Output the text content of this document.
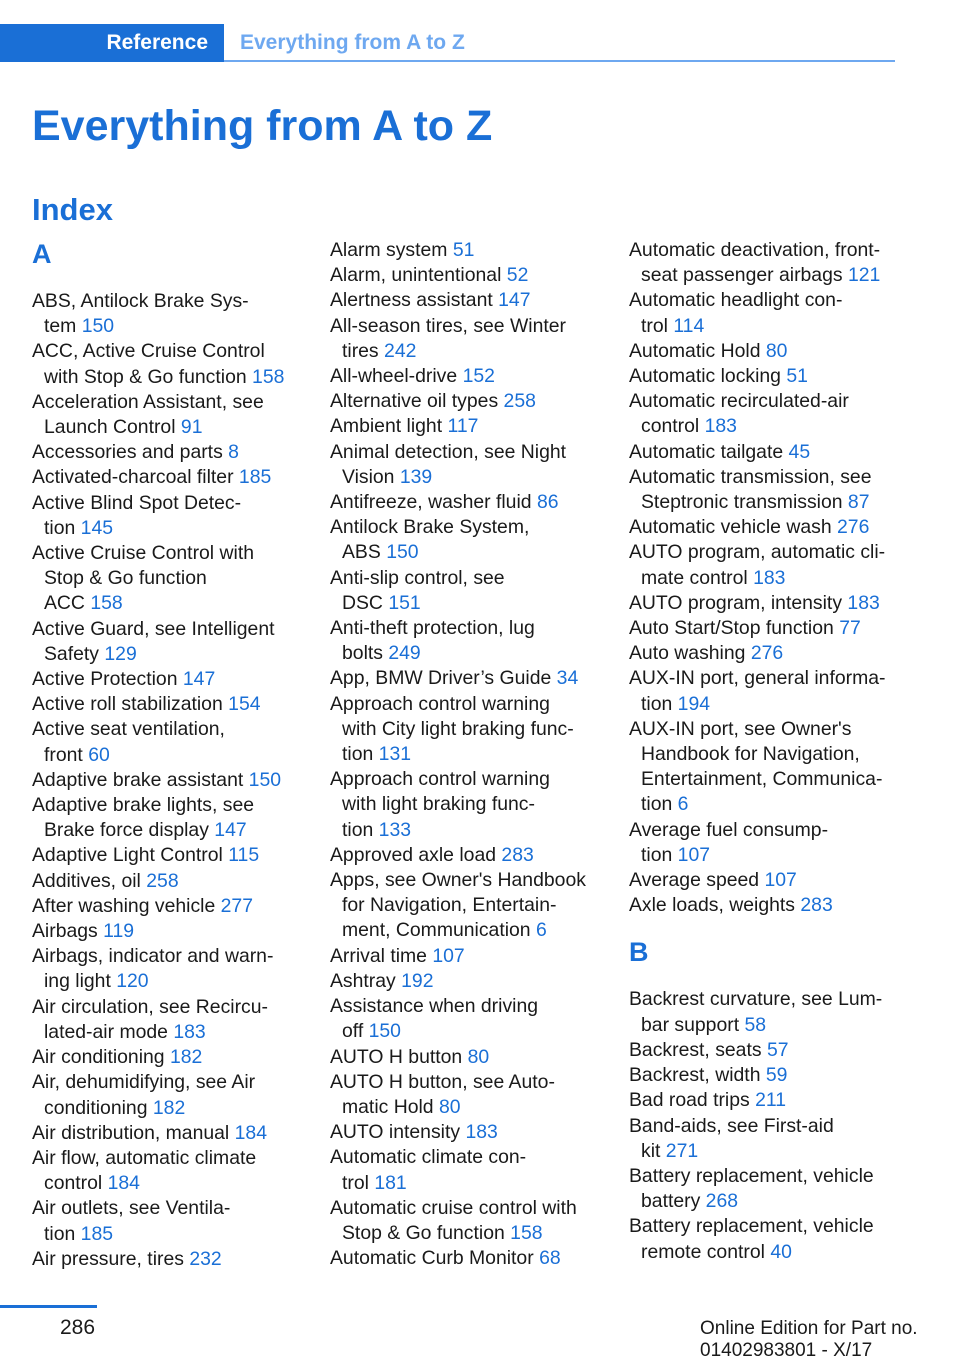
Reference Everything from A to Z
Everything from A to Z
Index
A

ABS, Antilock Brake Sys-
tem 150

ACC, Active Cruise Control
with Stop & Go function 158

Acceleration Assistant, see
Launch Control 91

Accessories and parts 8

Activated-charcoal filter 185

Active Blind Spot Detec-
tion 145

Active Cruise Control with
Stop & Go function
ACC 158

Active Guard, see Intelligent
Safety 129

Active Protection 147

Active roll stabilization 154

Active seat ventilation,
front 60

Adaptive brake assistant 150

Adaptive brake lights, see
Brake force display 147

Adaptive Light Control 115

Additives, oil 258

After washing vehicle 277

Airbags 119

Airbags, indicator and warn-
ing light 120

Air circulation, see Recircu-
lated-air mode 183

Air conditioning 182

Air, dehumidifying, see Air
conditioning 182

Air distribution, manual 184

Air flow, automatic climate
control 184

Air outlets, see Ventila-
tion 185

Air pressure, tires 232

Alarm system 51

Alarm, unintentional 52

Alertness assistant 147

All-season tires, see Winter
tires 242

All-wheel-drive 152

Alternative oil types 258

Ambient light 117

Animal detection, see Night
Vision 139

Antifreeze, washer fluid 86

Antilock Brake System,
ABS 150

Anti-slip control, see
DSC 151

Anti-theft protection, lug
bolts 249

App, BMW Driver’s Guide 34

Approach control warning
with City light braking func-
tion 131

Approach control warning
with light braking func-
tion 133

Approved axle load 283

Apps, see Owner's Handbook
for Navigation, Entertain-
ment, Communication 6

Arrival time 107

Ashtray 192

Assistance when driving
off 150

AUTO H button 80

AUTO H button, see Auto-
matic Hold 80

AUTO intensity 183

Automatic climate con-
trol 181

Automatic cruise control with
Stop & Go function 158

Automatic Curb Monitor 68

Automatic deactivation, front-
seat passenger airbags 121

Automatic headlight con-
trol 114

Automatic Hold 80

Automatic locking 51

Automatic recirculated-air
control 183

Automatic tailgate 45

Automatic transmission, see
Steptronic transmission 87

Automatic vehicle wash 276

AUTO program, automatic cli-
mate control 183

AUTO program, intensity 183

Auto Start/Stop function 77

Auto washing 276

AUX-IN port, general informa-
tion 194

AUX-IN port, see Owner's
Handbook for Navigation,
Entertainment, Communica-
tion 6

Average fuel consump-
tion 107

Average speed 107

Axle loads, weights 283

B

Backrest curvature, see Lum-
bar support 58

Backrest, seats 57

Backrest, width 59

Bad road trips 211

Band-aids, see First-aid
kit 271

Battery replacement, vehicle
battery 268

Battery replacement, vehicle
remote control 40

286	Online Edition for Part no. 01402983801 - X/17
